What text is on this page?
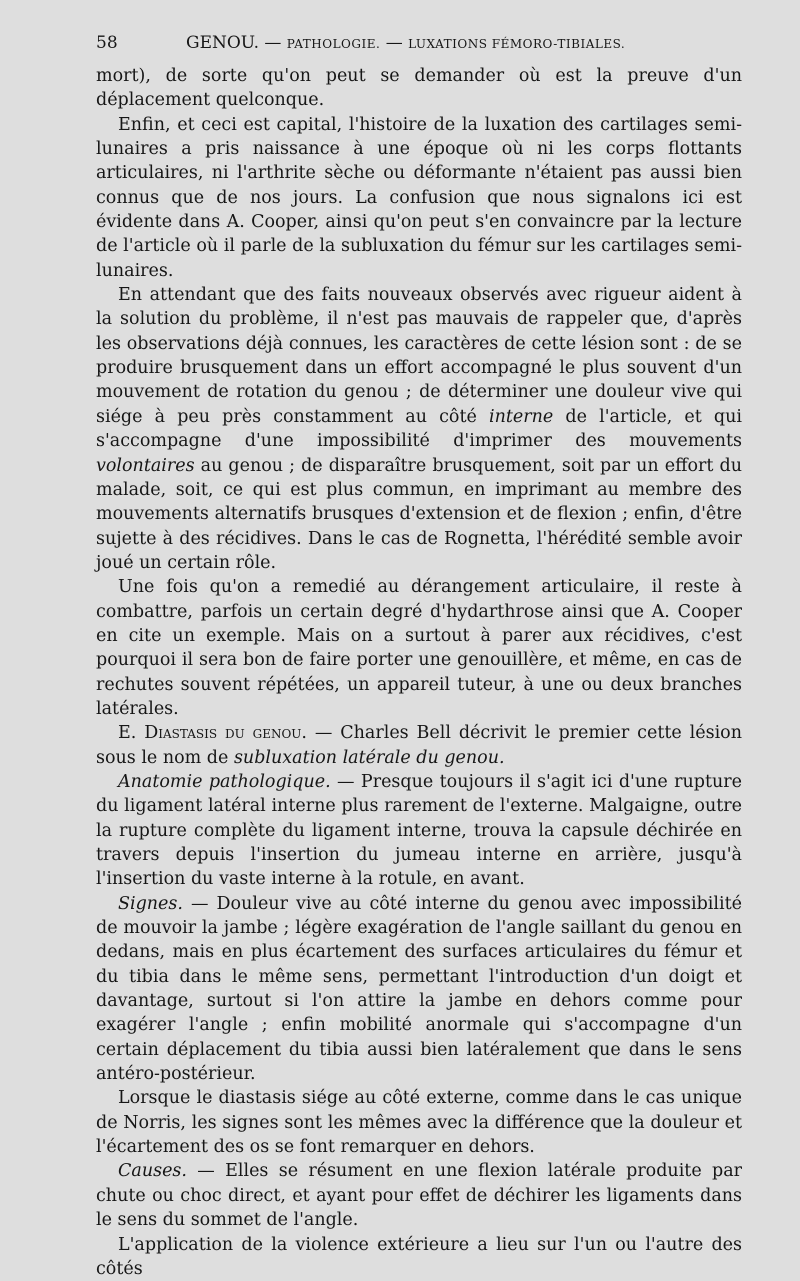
58	GENOU. — PATHOLOGIE. — LUXATIONS FÉMORO-TIBIALES.

mort), de sorte qu'on peut se demander où est la preuve d'un déplacement quelconque.

Enfin, et ceci est capital, l'histoire de la luxation des cartilages semi-lunaires a pris naissance à une époque où ni les corps flottants articulaires, ni l'arthrite sèche ou déformante n'étaient pas aussi bien connus que de nos jours. La confusion que nous signalons ici est évidente dans A. Cooper, ainsi qu'on peut s'en convaincre par la lecture de l'article où il parle de la subluxation du fémur sur les cartilages semi-lunaires.

En attendant que des faits nouveaux observés avec rigueur aident à la solution du problème, il n'est pas mauvais de rappeler que, d'après les observations déjà connues, les caractères de cette lésion sont : de se produire brusquement dans un effort accompagné le plus souvent d'un mouvement de rotation du genou ; de déterminer une douleur vive qui siége à peu près constamment au côté interne de l'article, et qui s'accompagne d'une impossibilité d'imprimer des mouvements volontaires au genou ; de disparaître brusquement, soit par un effort du malade, soit, ce qui est plus commun, en imprimant au membre des mouvements alternatifs brusques d'extension et de flexion ; enfin, d'être sujette à des récidives. Dans le cas de Rognetta, l'hérédité semble avoir joué un certain rôle.

Une fois qu'on a remedié au dérangement articulaire, il reste à combattre, parfois un certain degré d'hydarthrose ainsi que A. Cooper en cite un exemple. Mais on a surtout à parer aux récidives, c'est pourquoi il sera bon de faire porter une genouillère, et même, en cas de rechutes souvent répétées, un appareil tuteur, à une ou deux branches latérales.

E. Diastasis du genou. — Charles Bell décrivit le premier cette lésion sous le nom de subluxation latérale du genou.

Anatomie pathologique. — Presque toujours il s'agit ici d'une rupture du ligament latéral interne plus rarement de l'externe. Malgaigne, outre la rupture complète du ligament interne, trouva la capsule déchirée en travers depuis l'insertion du jumeau interne en arrière, jusqu'à l'insertion du vaste interne à la rotule, en avant.

Signes. — Douleur vive au côté interne du genou avec impossibilité de mouvoir la jambe ; légère exagération de l'angle saillant du genou en dedans, mais en plus écartement des surfaces articulaires du fémur et du tibia dans le même sens, permettant l'introduction d'un doigt et davantage, surtout si l'on attire la jambe en dehors comme pour exagérer l'angle ; enfin mobilité anormale qui s'accompagne d'un certain déplacement du tibia aussi bien latéralement que dans le sens antéro-postérieur.

Lorsque le diastasis siége au côté externe, comme dans le cas unique de Norris, les signes sont les mêmes avec la différence que la douleur et l'écartement des os se font remarquer en dehors.

Causes. — Elles se résument en une flexion latérale produite par chute ou choc direct, et ayant pour effet de déchirer les ligaments dans le sens du sommet de l'angle.

L'application de la violence extérieure a lieu sur l'un ou l'autre des côtés
